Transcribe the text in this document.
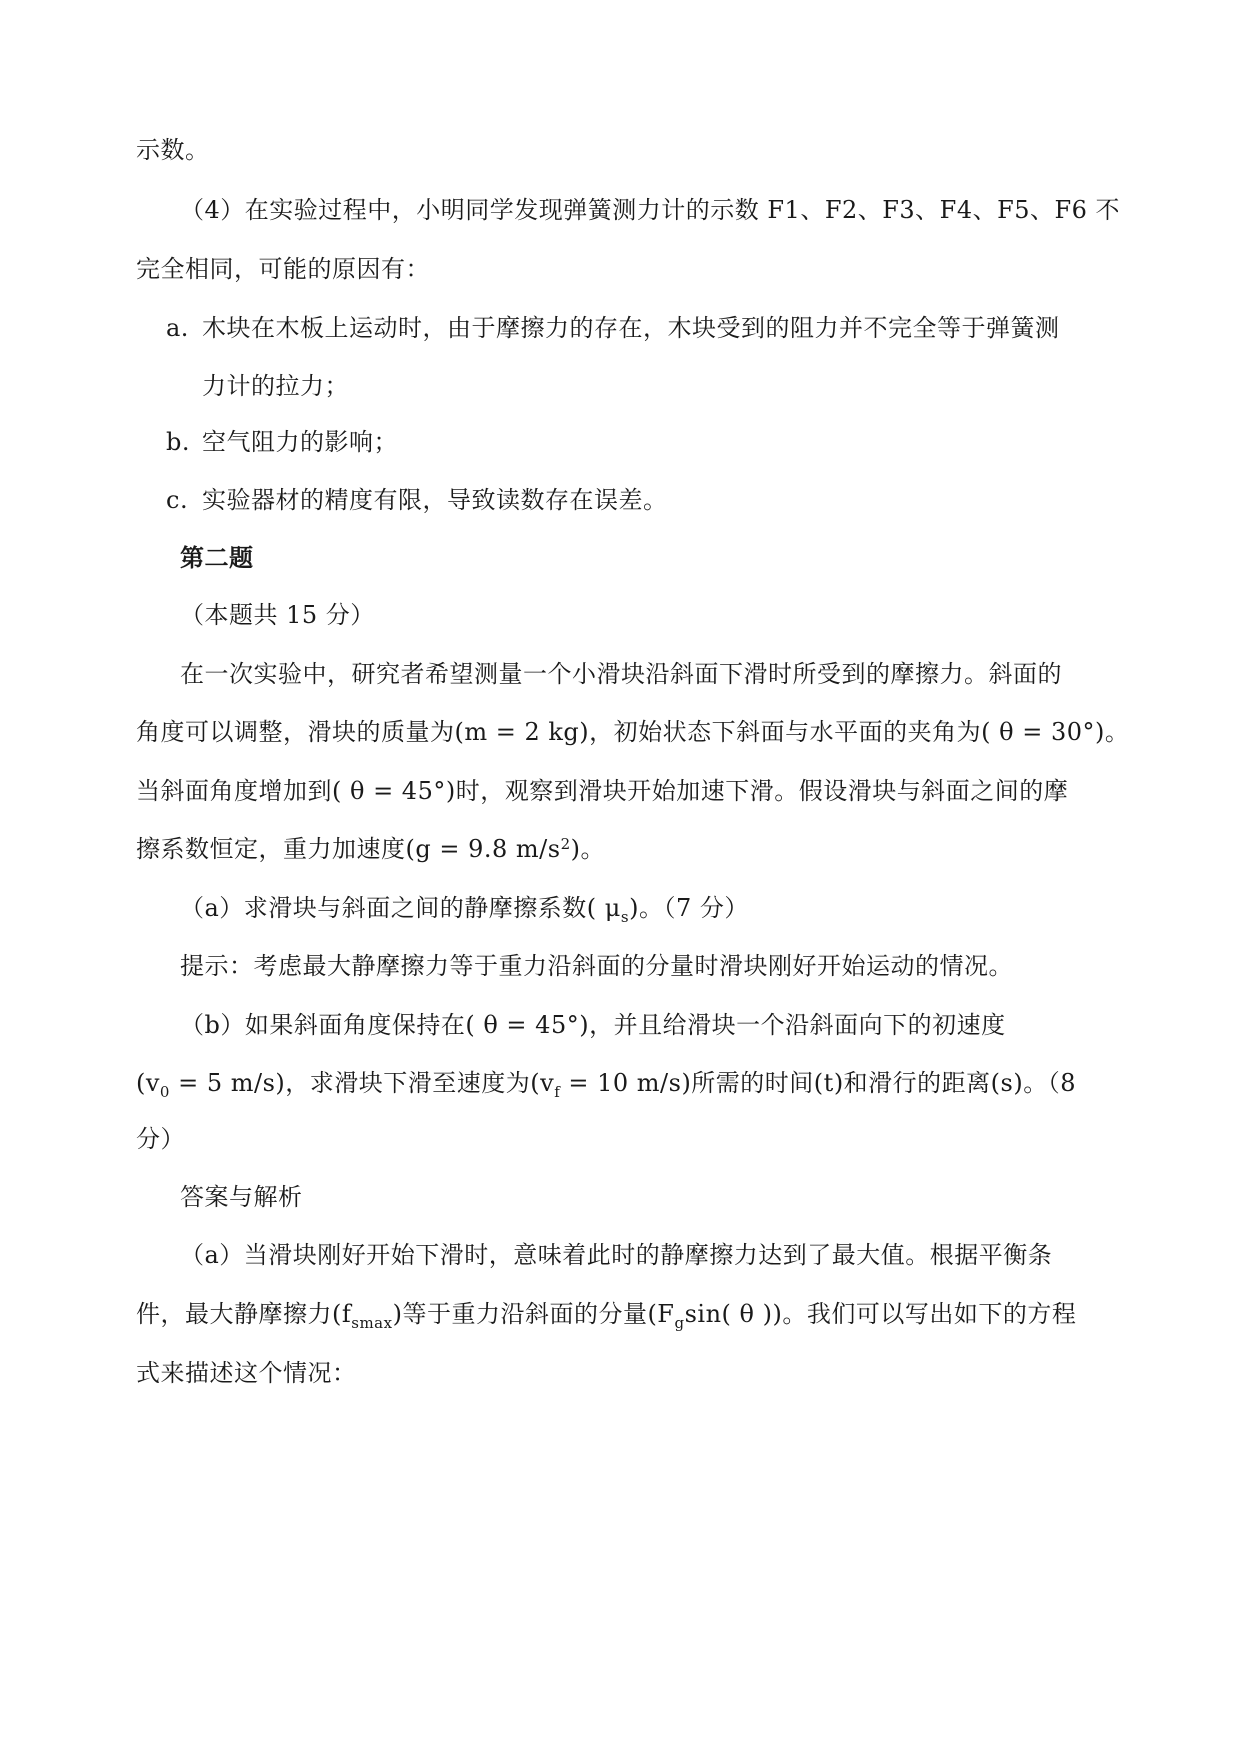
示数。
（4）在实验过程中，小明同学发现弹簧测力计的示数 F1、F2、F3、F4、F5、F6 不
完全相同，可能的原因有：
a. 木块在木板上运动时，由于摩擦力的存在，木块受到的阻力并不完全等于弹簧测
力计的拉力；
b. 空气阻力的影响；
c. 实验器材的精度有限，导致读数存在误差。
第二题
（本题共 15 分）
在一次实验中，研究者希望测量一个小滑块沿斜面下滑时所受到的摩擦力。斜面的
角度可以调整，滑块的质量为(m = 2 kg)，初始状态下斜面与水平面的夹角为( θ = 30°)。
当斜面角度增加到( θ = 45°)时，观察到滑块开始加速下滑。假设滑块与斜面之间的摩
擦系数恒定，重力加速度(g = 9.8 $m/s^2$)。
（a）求滑块与斜面之间的静摩擦系数( $\mu_s$)。（7 分）
提示：考虑最大静摩擦力等于重力沿斜面的分量时滑块刚好开始运动的情况。
（b）如果斜面角度保持在( θ = 45°)，并且给滑块一个沿斜面向下的初速度
($v_0 = 5$ m/s)，求滑块下滑至速度为($v_f = 10$ m/s)所需的时间(t)和滑行的距离(s)。（8
分）
答案与解析
（a）当滑块刚好开始下滑时，意味着此时的静摩擦力达到了最大值。根据平衡条
件，最大静摩擦力$(f_{smax})$等于重力沿斜面的分量($F_g\sin$( θ ))。我们可以写出如下的方程
式来描述这个情况：
